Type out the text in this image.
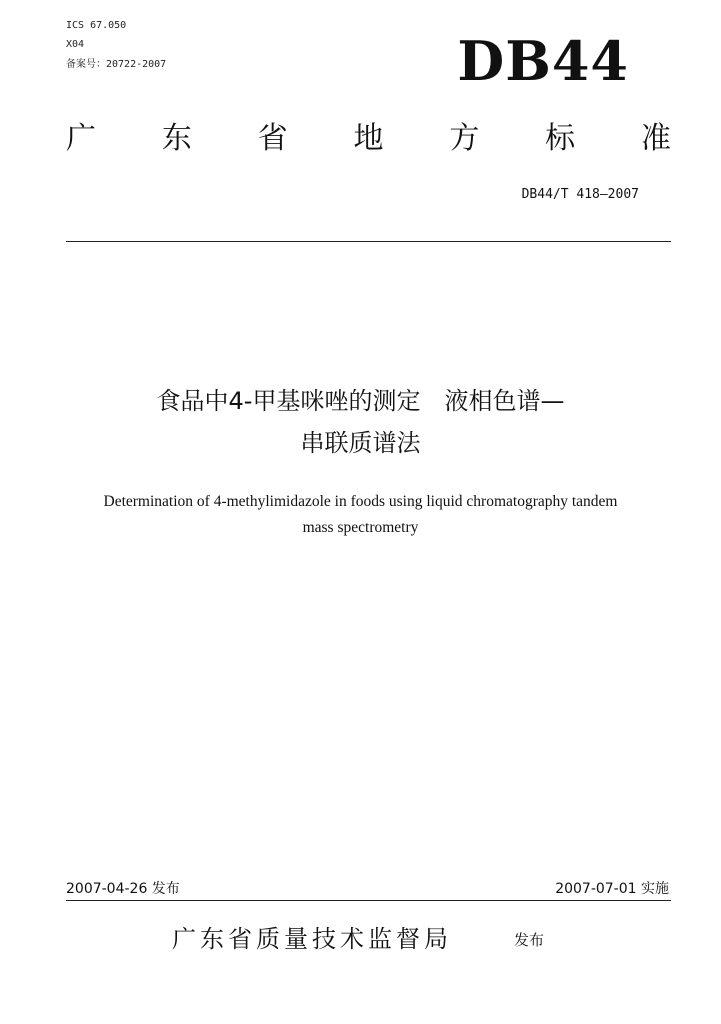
ICS 67.050
X04
备案号：20722-2007	DB44
广 东 省 地 方 标 准
DB44/T 418—2007
食品中4-甲基咪唑的测定　液相色谱—
串联质谱法
Determination of 4-methylimidazole in foods using liquid chromatography tandem
mass spectrometry
2007-04-26 发布	2007-07-01 实施
广东省质量技术监督局	发布
